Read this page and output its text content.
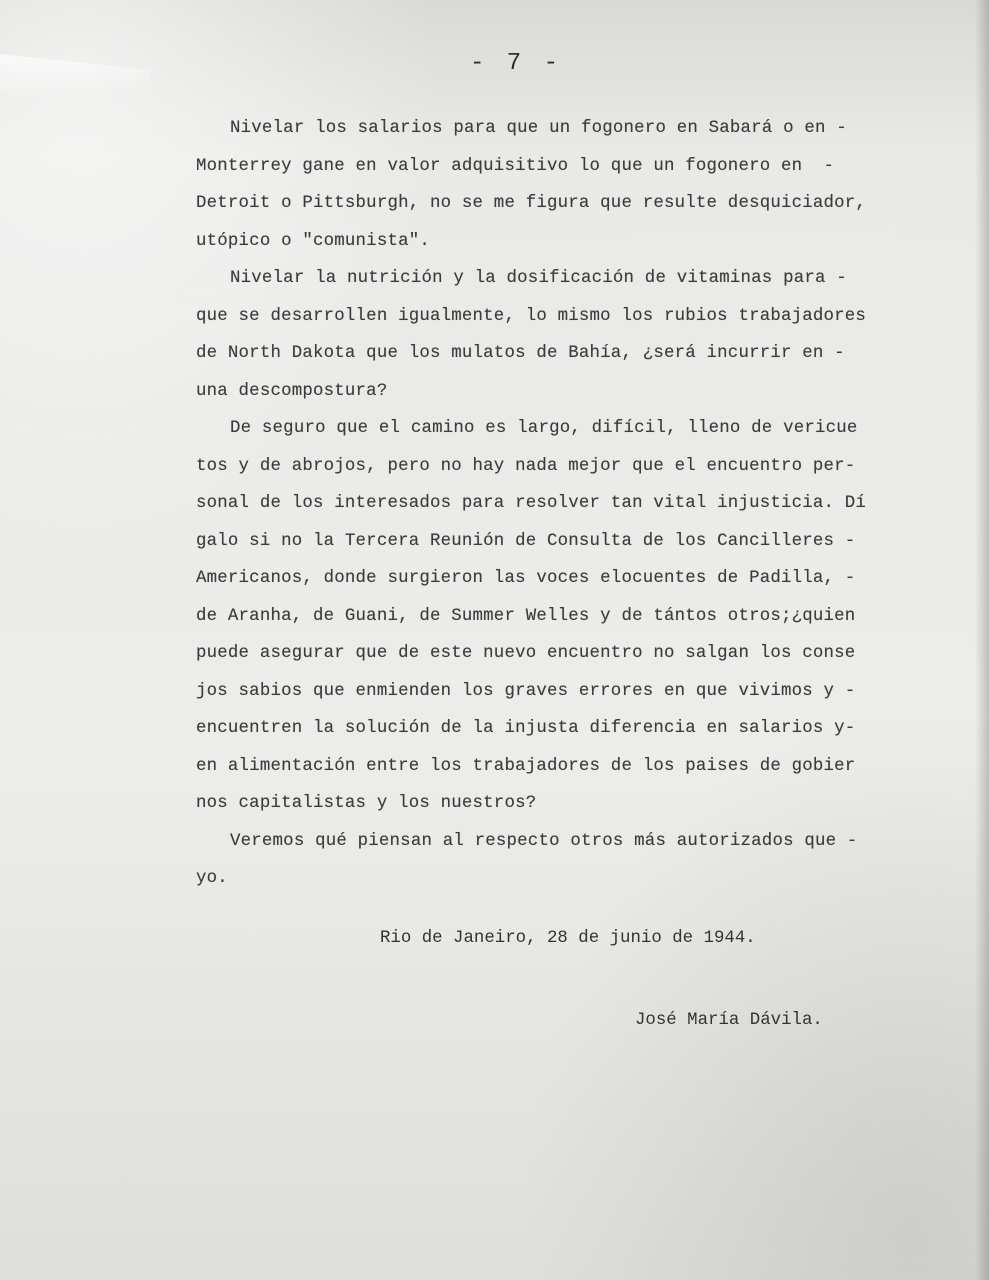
- 7 -
Nivelar los salarios para que un fogonero en Sabará o en -
Monterrey gane en valor adquisitivo lo que un fogonero en  -
Detroit o Pittsburgh, no se me figura que resulte desquiciador,
utópico o "comunista".
Nivelar la nutrición y la dosificación de vitaminas para -
que se desarrollen igualmente, lo mismo los rubios trabajadores
de North Dakota que los mulatos de Bahía, ¿será incurrir en -
una descompostura?
De seguro que el camino es largo, difícil, lleno de vericue
tos y de abrojos, pero no hay nada mejor que el encuentro per-
sonal de los interesados para resolver tan vital injusticia. Dí
galo si no la Tercera Reunión de Consulta de los Cancilleres -
Americanos, donde surgieron las voces elocuentes de Padilla, -
de Aranha, de Guani, de Summer Welles y de tántos otros;¿quien
puede asegurar que de este nuevo encuentro no salgan los conse
jos sabios que enmienden los graves errores en que vivimos y -
encuentren la solución de la injusta diferencia en salarios y-
en alimentación entre los trabajadores de los paises de gobier
nos capitalistas y los nuestros?
Veremos qué piensan al respecto otros más autorizados que -
yo.
Rio de Janeiro, 28 de junio de 1944.
José María Dávila.
